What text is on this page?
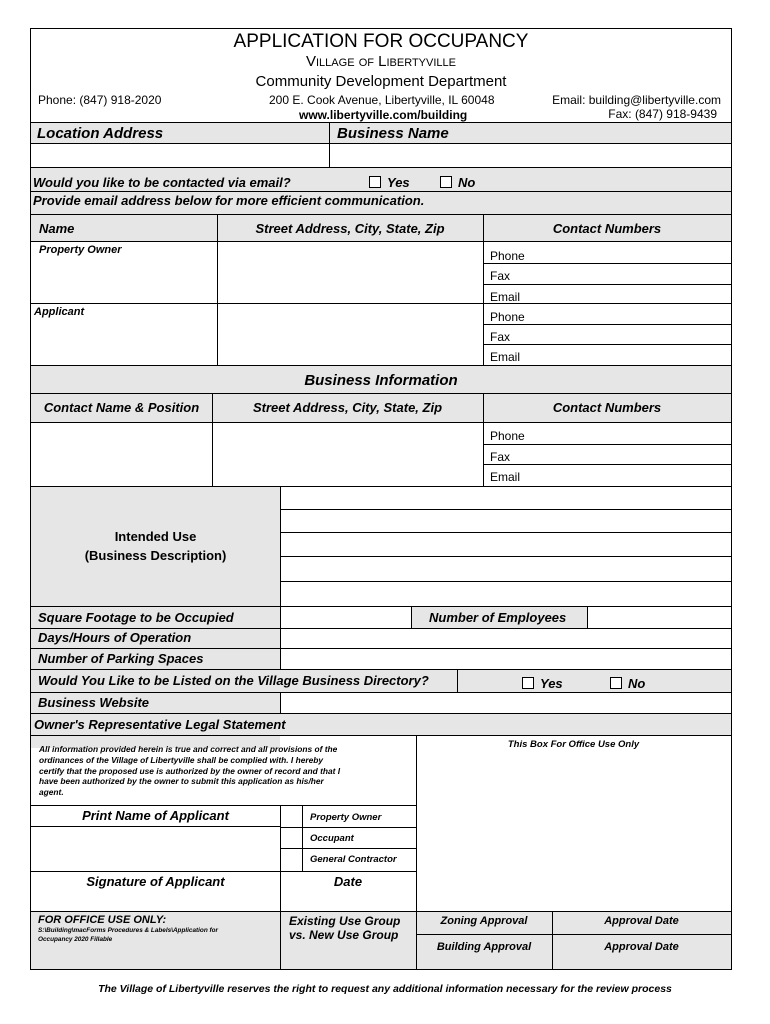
APPLICATION FOR OCCUPANCY
Village of Libertyville
Community Development Department
200 E. Cook Avenue, Libertyville, IL 60048
www.libertyville.com/building
Phone: (847) 918-2020	Email: building@libertyville.com
Fax: (847) 918-9439
Location Address	Business Name
Would you like to be contacted via email?	Yes	No
Provide email address below for more efficient communication.
Name	Street Address, City, State, Zip	Contact Numbers
Property Owner	Phone
Fax
Email
Applicant	Phone
Fax
Email
Business Information
Contact Name & Position	Street Address, City, State, Zip	Contact Numbers
Phone
Fax
Email
Intended Use
(Business Description)
Square Footage to be Occupied	Number of Employees
Days/Hours of Operation
Number of Parking Spaces
Would You Like to be Listed on the Village Business Directory?	Yes	No
Business Website
Owner's Representative Legal Statement
All information provided herein is true and correct and all provisions of the
ordinances of the Village of Libertyville shall be complied with. I hereby
certify that the proposed use is authorized by the owner of record and that I
have been authorized by the owner to submit this application as his/her
agent.
This Box For Office Use Only
Print Name of Applicant	Property Owner
Occupant
General Contractor
Signature of Applicant	Date
FOR OFFICE USE ONLY:
S:\Building\macForms Procedures & Labels\Application for
Occupancy 2020 Fillable
Existing Use Group
vs. New Use Group
Zoning Approval	Approval Date
Building Approval	Approval Date
The Village of Libertyville reserves the right to request any additional information necessary for the review process
